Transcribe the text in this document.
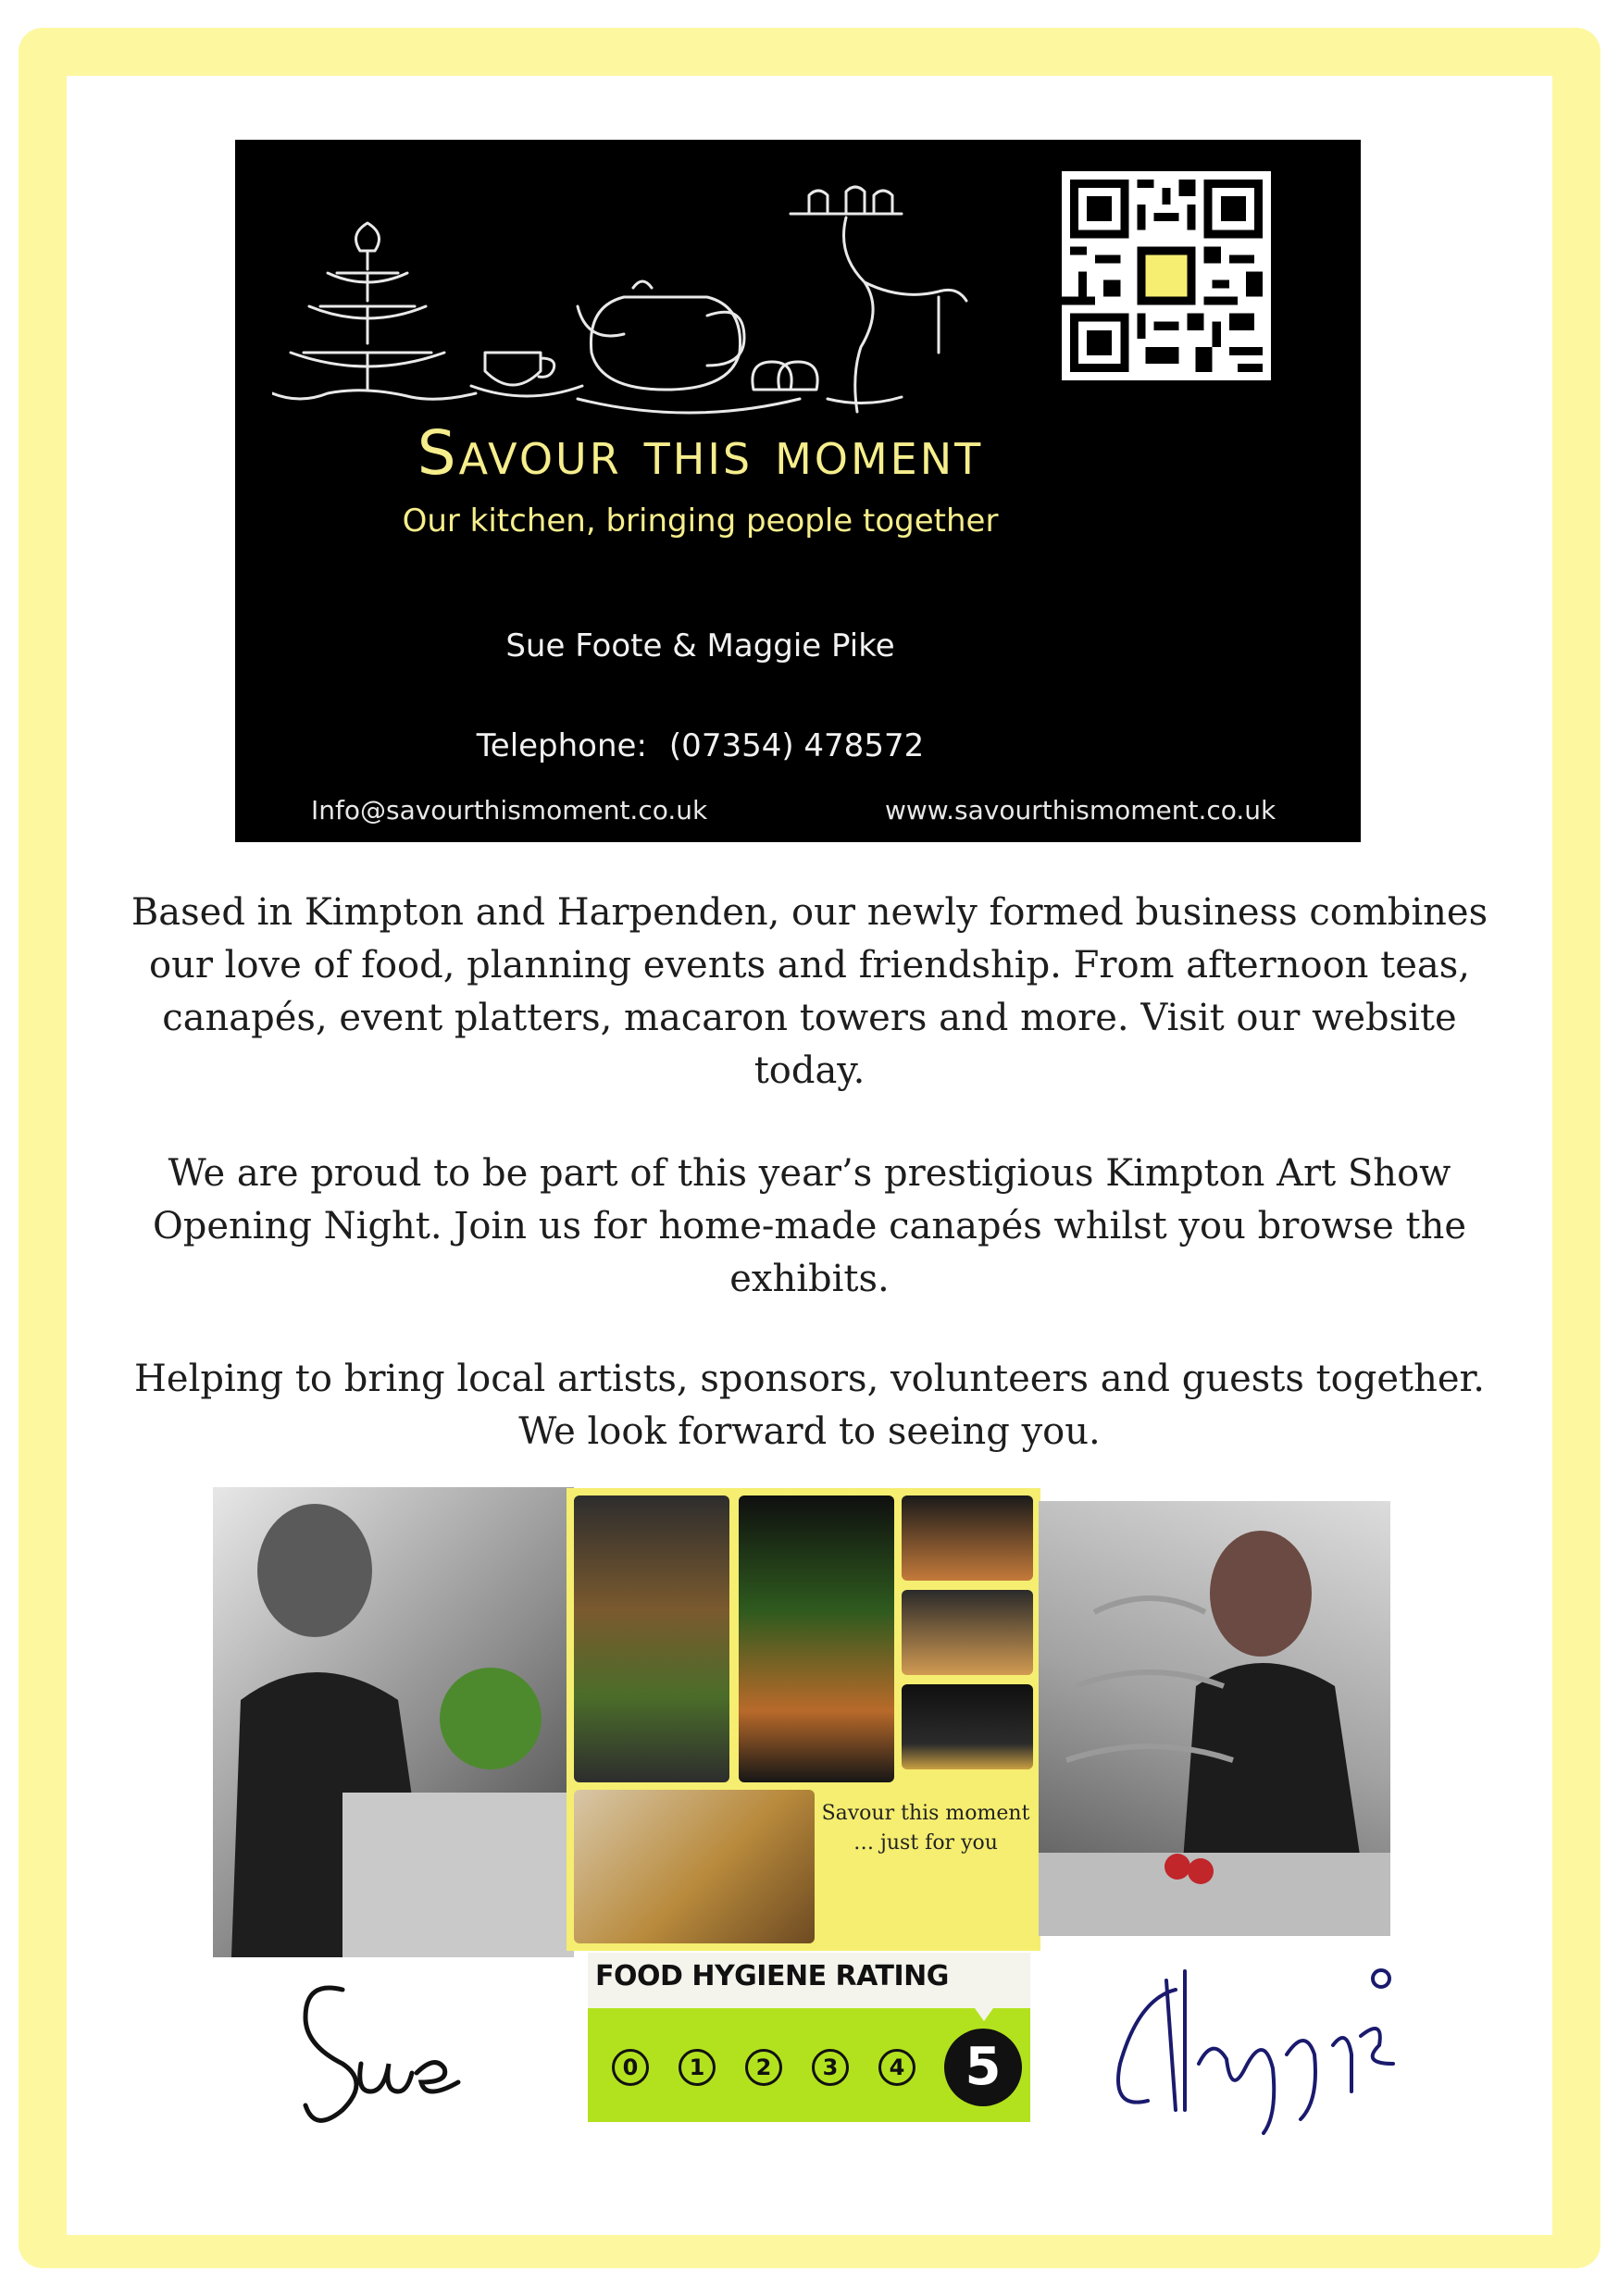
Savour this moment
Our kitchen, bringing people together
Sue Foote & Maggie Pike
Telephone: (07354) 478572
Info@savourthismoment.co.uk	www.savourthismoment.co.uk
Based in Kimpton and Harpenden, our newly formed business combines our love of food, planning events and friendship. From afternoon teas, canapés, event platters, macaron towers and more. Visit our website today.
We are proud to be part of this year’s prestigious Kimpton Art Show Opening Night. Join us for home-made canapés whilst you browse the exhibits.
Helping to bring local artists, sponsors, volunteers and guests together. We look forward to seeing you.
Savour this moment … just for you
FOOD HYGIENE RATING
0	1	2	3	4	5
